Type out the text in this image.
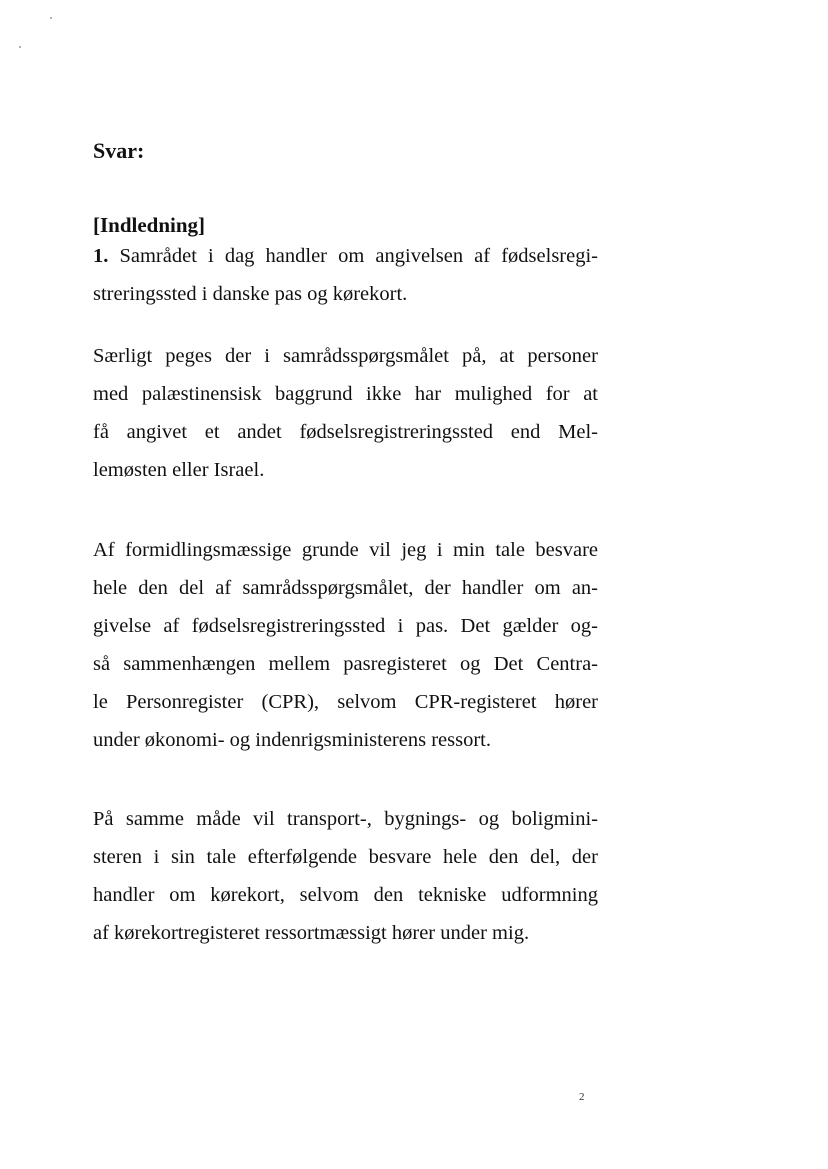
Svar:
[Indledning]

1. Samrådet i dag handler om angivelsen af fødselsregi-
streringssted i danske pas og kørekort.

Særligt peges der i samrådsspørgsmålet på, at personer
med palæstinensisk baggrund ikke har mulighed for at
få angivet et andet fødselsregistreringssted end Mel-
lemøsten eller Israel.

Af formidlingsmæssige grunde vil jeg i min tale besvare
hele den del af samrådsspørgsmålet, der handler om an-
givelse af fødselsregistreringssted i pas. Det gælder og-
så sammenhængen mellem pasregisteret og Det Centra-
le Personregister (CPR), selvom CPR-registeret hører
under økonomi- og indenrigsministerens ressort.

På samme måde vil transport-, bygnings- og boligmini-
steren i sin tale efterfølgende besvare hele den del, der
handler om kørekort, selvom den tekniske udformning
af kørekortregisteret ressortmæssigt hører under mig.

2
